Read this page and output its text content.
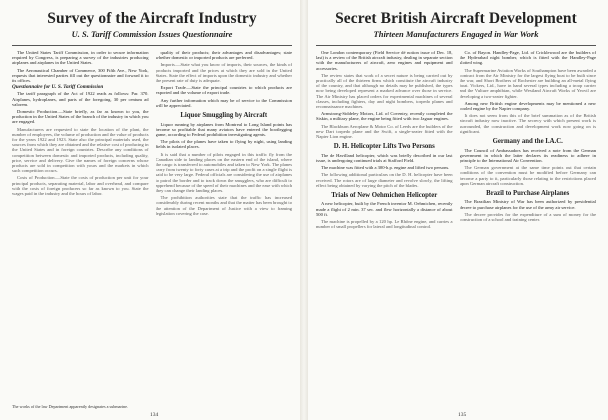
Survey of the Aircraft Industry
U. S. Tariff Commission Issues Questionnaire

The United States Tariff Commission, in order to secure information required by Congress, is preparing a survey of the industries producing airplanes and airplanes in the United States.

The Aeronautical Chamber of Commerce, 300 Fifth Ave., New York, requests that interested parties fill out the questionnaire and forward it to its offices.

Questionnaire for U. S. Tariff Commission

The tariff paragraph of the Act of 1922 reads as follows: Par. 370. Airplanes, hydroplanes, and parts of the foregoing, 30 per centum ad valorem.

Domestic Production.—State briefly, as far as known to you, the production in the United States of the branch of the industry in which you are engaged.

Manufacturers are requested to state the location of the plant, the number of employees, the volume of production and the value of products for the years 1922 and 1923. State also the principal materials used, the sources from which they are obtained and the relative cost of producing in the United States and in foreign countries. Describe any conditions of competition between domestic and imported products, including quality, price, service and delivery. Give the names of foreign concerns whose products are sold in competition with yours and the markets in which such competition occurs.

Costs of Production.—State the costs of production per unit for your principal products, separating material, labor and overhead, and compare with the costs of foreign producers so far as known to you. State the wages paid in the industry and the hours of labor.

quality of their products; their advantages and disadvantages; state whether domestic or imported products are preferred.

Imports.—State what you know of imports, their sources, the kinds of products imported and the prices at which they are sold in the United States. State the effect of imports upon the domestic industry and whether the present rate of duty is adequate.

Export Trade.—State the principal countries to which products are exported and the volume of export trade.

Any further information which may be of service to the Commission will be appreciated.

Liquor Smuggling by Aircraft

Liquor running by airplanes from Montreal to Long Island points has become so profitable that many aviators have entered the bootlegging game, according to Federal prohibition investigating agents.

The pilots of the planes have taken to flying by night, using landing fields in isolated places.

It is said that a number of pilots engaged in this traffic fly from the Canadian side to landing places on the eastern end of the island, where the cargo is transferred to automobiles and taken to New York. The planes carry from twenty to forty cases at a trip and the profit on a single flight is said to be very large. Federal officials are considering the use of airplanes to patrol the border and to track down the smugglers, who are difficult to apprehend because of the speed of their machines and the ease with which they can change their landing places.

The prohibition authorities state that the traffic has increased considerably during recent months and that the matter has been brought to the attention of the Department of Justice with a view to framing legislation covering the case.

The works of the law Department apparently designates a submarine.
134
Secret British Aircraft Development
Thirteen Manufacturers Engaged in War Work

One London contemporary (Field Service dé notion issue of Dec. 18, last) is a review of the British aircraft industry, dealing in separate section with the manufacturers of aircraft, aero engines and equipment and accessories.

The review states that work of a secret nature is being carried out by practically all of the thirteen firms which constitute the aircraft industry of the country, and that although no details may be published, the types now being developed represent a marked advance over those in service. The Air Ministry has placed orders for experimental machines of several classes, including fighters, day and night bombers, torpedo planes and reconnaissance machines.

Armstrong-Siddeley Motors, Ltd. of Coventry, recently completed the Siskin, a military plane, the engine being fitted with two Jaguar engines.

The Blackburn Aeroplane & Motor Co. of Leeds are the builders of the new Dart torpedo plane and the Swift, a single-seater fitted with the Napier Lion engine.

D. H. Helicopter Lifts Two Persons

The de Havilland helicopter, which was briefly described in our last issue, is undergoing continued trials at Stafford Field.

The machine was fitted with a 300-h.p. engine and lifted two persons.

The following additional particulars on the D. H. helicopter have been received. The rotors are of large diameter and revolve slowly, the lifting effect being obtained by varying the pitch of the blades.

Trials of New Oehmichen Helicopter

A new helicopter, built by the French inventor M. Oehmichen, recently made a flight of 2 min. 37 sec. and flew horizontally a distance of about 500 ft.

The machine is propelled by a 120 hp. Le Rhône engine, and carries a number of small propellers for lateral and longitudinal control.

Co. of Bayon. Handley-Page, Ltd. of Cricklewood are the builders of the Hyderabad night bomber, which is fitted with the Handley-Page slotted wing.

The Supermarine Aviation Works of Southampton have been awarded a contract from the Air Ministry for the largest flying boat to be built since the war, and Short Brothers of Rochester are building an all-metal flying boat. Vickers, Ltd., have in hand several types including a troop carrier and the Vulture amphibian, while Westland Aircraft Works of Yeovil are developing a two-seater fighter.

Among new British engine developments may be mentioned a new cooled engine by the Napier company.

It does not seem from this of the brief summation as of the British aircraft industry now inactive. The secrecy with which present work is surrounded, the construction and development work now going on is significant.

Germany and the I.A.C.

The Council of Ambassadors has received a note from the German government in which the latter declares its readiness to adhere in principle to the International Air Convention.

The German government at the same time points out that certain conditions of the convention must be modified before Germany can become a party to it, particularly those relating to the restrictions placed upon German aircraft construction.

Brazil to Purchase Airplanes

The Brazilian Ministry of War has been authorized by presidential decree to purchase airplanes for the use of the army air service.

The decree provides for the expenditure of a sum of money for the construction of a school and training center.

135
